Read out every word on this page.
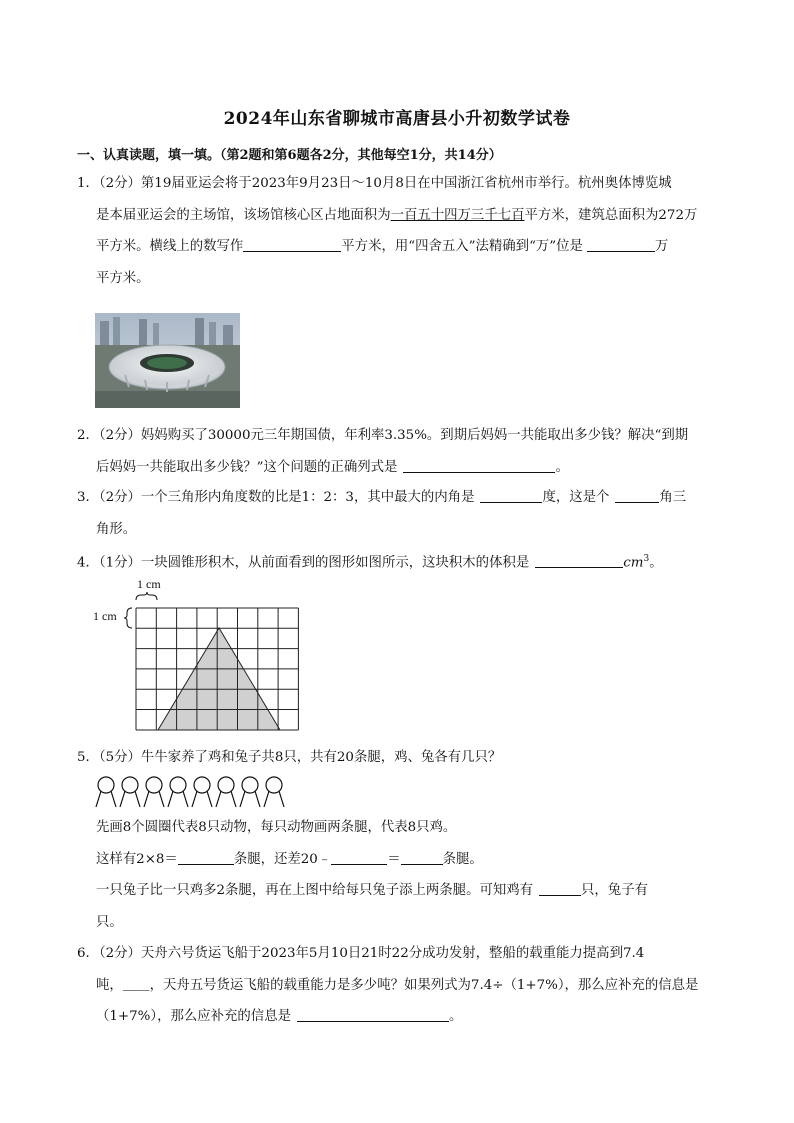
2024年山东省聊城市高唐县小升初数学试卷
一、认真读题，填一填。（第2题和第6题各2分，其他每空1分，共14分）

1．（2分）第19届亚运会将于2023年9月23日～10月8日在中国浙江省杭州市举行。杭州奥体博览城

是本届亚运会的主场馆，该场馆核心区占地面积为一百五十四万三千七百平方米，建筑总面积为272万

平方米。横线上的数写作	平方米，用“四舍五入”法精确到“万”位是	万

平方米。

2．（2分）妈妈购买了30000元三年期国债，年利率3.35%。到期后妈妈一共能取出多少钱？解决“到期

后妈妈一共能取出多少钱？”这个问题的正确列式是	。

3．（2分）一个三角形内角度数的比是1：2：3，其中最大的内角是	度，这是个	角三

角形。

4．（1分）一块圆锥形积木，从前面看到的图形如图所示，这块积木的体积是	$cm^3$。

1 cm
1 cm

5．（5分）牛牛家养了鸡和兔子共8只，共有20条腿，鸡、兔各有几只？

先画8个圆圈代表8只动物，每只动物画两条腿，代表8只鸡。

这样有2×8＝	条腿，还差20﹣	＝	条腿。

一只兔子比一只鸡多2条腿，再在上图中给每只兔子添上两条腿。可知鸡有	只，兔子有

只。

6．（2分）天舟六号货运飞船于2023年5月10日21时22分成功发射，整船的载重能力提高到7.4

吨，＿＿，天舟五号货运飞船的载重能力是多少吨？如果列式为7.4÷（1+7%），那么应补充的信息是

（1+7%），那么应补充的信息是	。
